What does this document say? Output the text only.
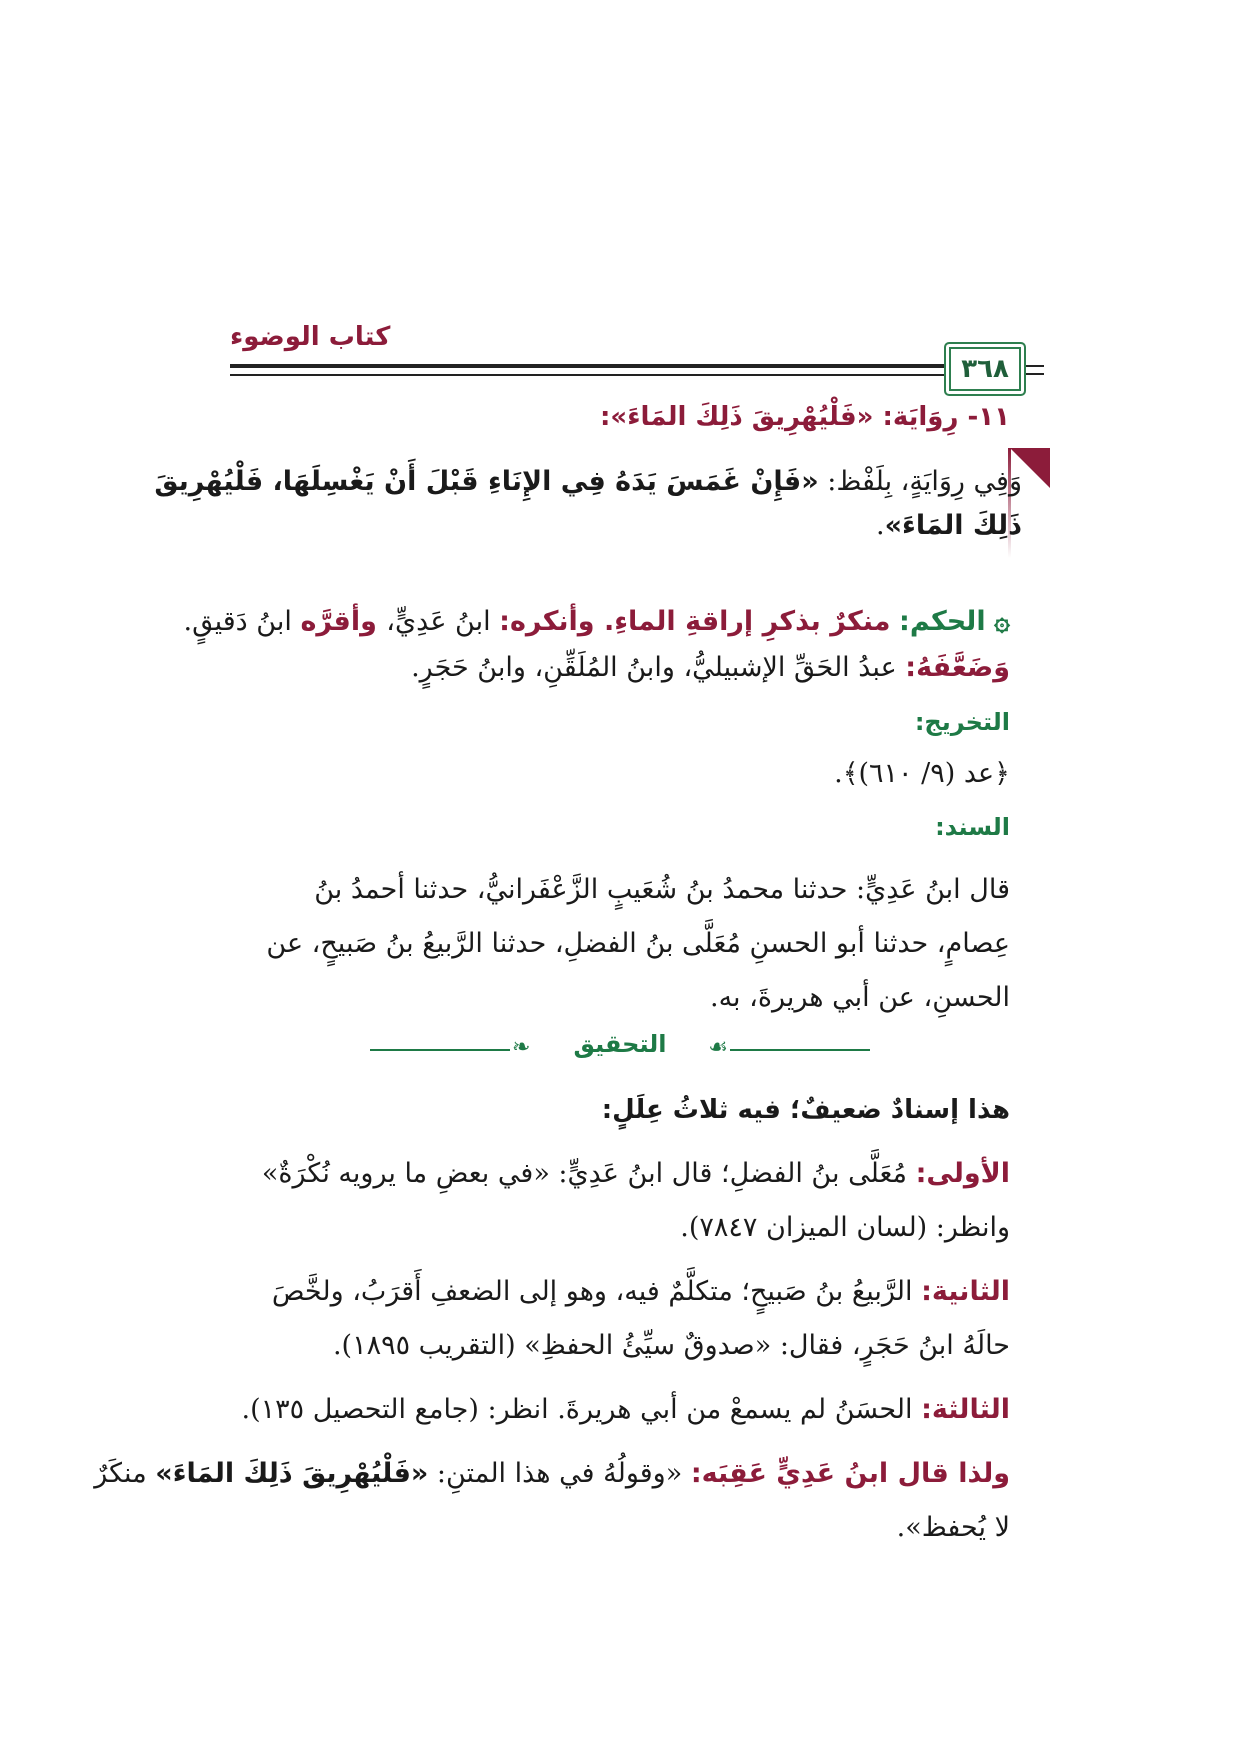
كتاب الوضوء
٣٦٨
١١- رِوَايَة: «فَلْيُهْرِيقَ ذَلِكَ المَاءَ»:
وَفِي رِوَايَةٍ، بِلَفْظ: «فَإِنْ غَمَسَ يَدَهُ فِي الإِنَاءِ قَبْلَ أَنْ يَغْسِلَهَا، فَلْيُهْرِيقَ
ذَلِكَ المَاءَ».
۞ الحكم: منكرٌ بذكرِ إراقةِ الماءِ. وأنكره: ابنُ عَدِيٍّ، وأقرَّه ابنُ دَقيقٍ.
وَضَعَّفَهُ: عبدُ الحَقِّ الإشبيليُّ، وابنُ المُلَقِّنِ، وابنُ حَجَرٍ.
التخريج:
﴿عد (٩/ ٦١٠)﴾.
السند:
قال ابنُ عَدِيٍّ: حدثنا محمدُ بنُ شُعَيبٍ الزَّعْفَرانيُّ، حدثنا أحمدُ بنُ
عِصامٍ، حدثنا أبو الحسنِ مُعَلَّى بنُ الفضلِ، حدثنا الرَّبيعُ بنُ صَبيحٍ، عن
الحسنِ، عن أبي هريرةَ، به.
❧	التحقيق	☙
هذا إسنادٌ ضعيفٌ؛ فيه ثلاثُ عِلَلٍ:
الأولى: مُعَلَّى بنُ الفضلِ؛ قال ابنُ عَدِيٍّ: «في بعضِ ما يرويه نُكْرَةٌ»
وانظر: (لسان الميزان ٧٨٤٧).
الثانية: الرَّبيعُ بنُ صَبيحٍ؛ متكلَّمٌ فيه، وهو إلى الضعفِ أَقرَبُ، ولخَّصَ
حالَهُ ابنُ حَجَرٍ، فقال: «صدوقٌ سيِّئُ الحفظِ» (التقريب ١٨٩٥).
الثالثة: الحسَنُ لم يسمعْ من أبي هريرةَ. انظر: (جامع التحصيل ١٣٥).
ولذا قال ابنُ عَدِيٍّ عَقِبَه: «وقولُهُ في هذا المتنِ: «فَلْيُهْرِيقَ ذَلِكَ المَاءَ» منكَرٌ
لا يُحفظ».
